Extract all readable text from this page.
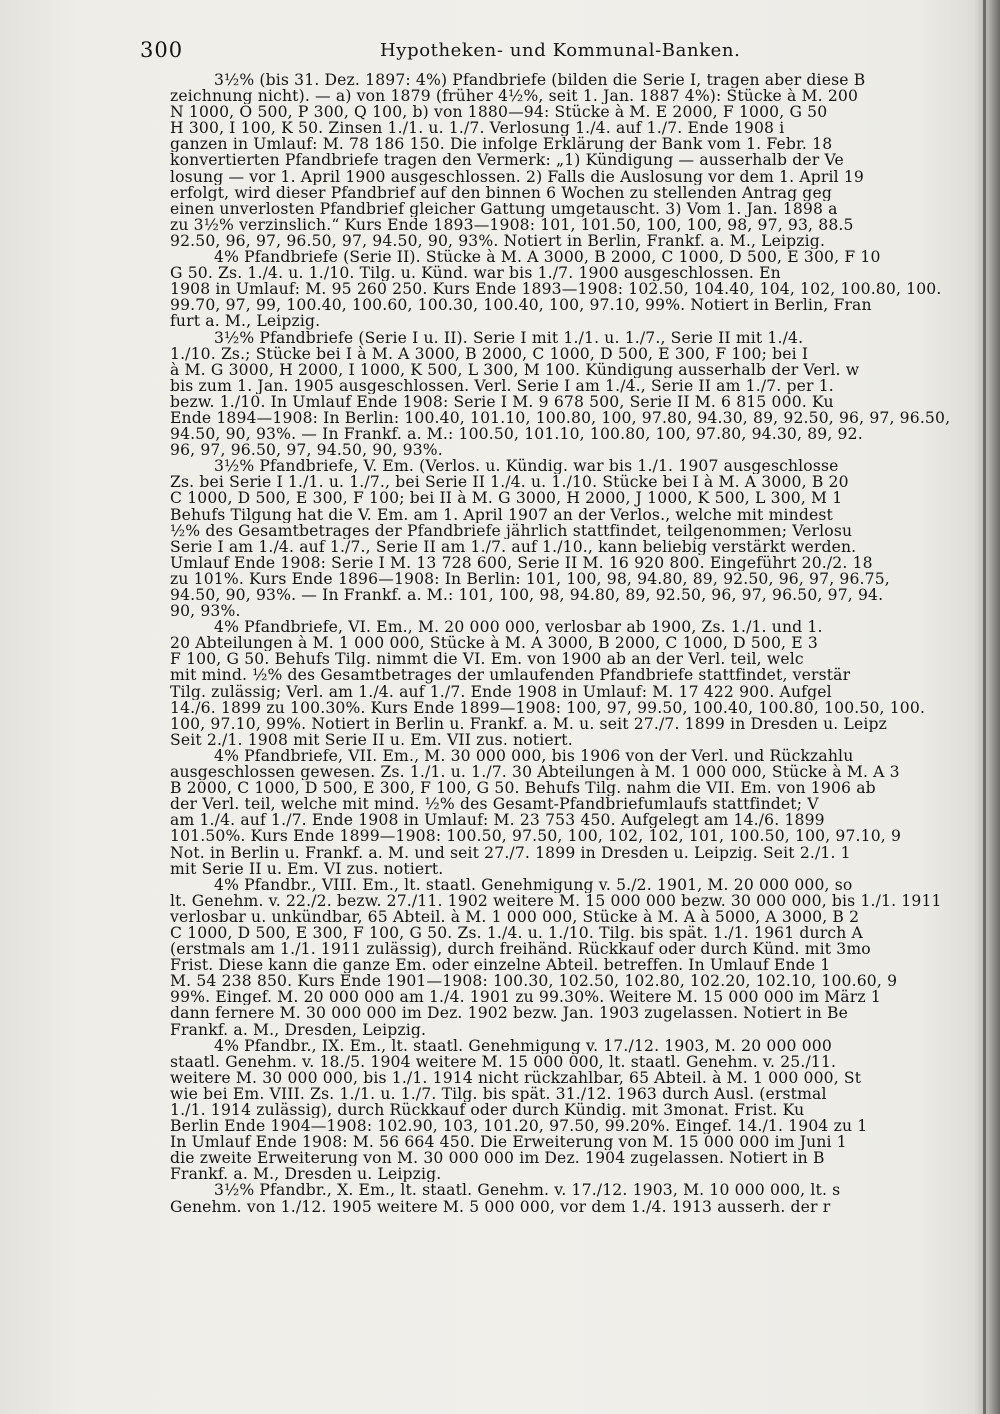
300	Hypotheken- und Kommunal-Banken.
3½% (bis 31. Dez. 1897: 4%) Pfandbriefe (bilden die Serie I, tragen aber diese B
zeichnung nicht). — a) von 1879 (früher 4½%, seit 1. Jan. 1887 4%): Stücke à M. 200
N 1000, O 500, P 300, Q 100, b) von 1880—94: Stücke à M. E 2000, F 1000, G 50
H 300, I 100, K 50. Zinsen 1./1. u. 1./7. Verlosung 1./4. auf 1./7. Ende 1908 i
ganzen in Umlauf: M. 78 186 150. Die infolge Erklärung der Bank vom 1. Febr. 18
konvertierten Pfandbriefe tragen den Vermerk: „1) Kündigung — ausserhalb der Ve
losung — vor 1. April 1900 ausgeschlossen. 2) Falls die Auslosung vor dem 1. April 19
erfolgt, wird dieser Pfandbrief auf den binnen 6 Wochen zu stellenden Antrag geg
einen unverlosten Pfandbrief gleicher Gattung umgetauscht. 3) Vom 1. Jan. 1898 a
zu 3½% verzinslich.“ Kurs Ende 1893—1908: 101, 101.50, 100, 100, 98, 97, 93, 88.5
92.50, 96, 97, 96.50, 97, 94.50, 90, 93%. Notiert in Berlin, Frankf. a. M., Leipzig.
4% Pfandbriefe (Serie II). Stücke à M. A 3000, B 2000, C 1000, D 500, E 300, F 10
G 50. Zs. 1./4. u. 1./10. Tilg. u. Künd. war bis 1./7. 1900 ausgeschlossen. En
1908 in Umlauf: M. 95 260 250. Kurs Ende 1893—1908: 102.50, 104.40, 104, 102, 100.80, 100.
99.70, 97, 99, 100.40, 100.60, 100.30, 100.40, 100, 97.10, 99%. Notiert in Berlin, Fran
furt a. M., Leipzig.
3½% Pfandbriefe (Serie I u. II). Serie I mit 1./1. u. 1./7., Serie II mit 1./4.
1./10. Zs.; Stücke bei I à M. A 3000, B 2000, C 1000, D 500, E 300, F 100; bei I
à M. G 3000, H 2000, I 1000, K 500, L 300, M 100. Kündigung ausserhalb der Verl. w
bis zum 1. Jan. 1905 ausgeschlossen. Verl. Serie I am 1./4., Serie II am 1./7. per 1.
bezw. 1./10. In Umlauf Ende 1908: Serie I M. 9 678 500, Serie II M. 6 815 000. Ku
Ende 1894—1908: In Berlin: 100.40, 101.10, 100.80, 100, 97.80, 94.30, 89, 92.50, 96, 97, 96.50,
94.50, 90, 93%. — In Frankf. a. M.: 100.50, 101.10, 100.80, 100, 97.80, 94.30, 89, 92.
96, 97, 96.50, 97, 94.50, 90, 93%.
3½% Pfandbriefe, V. Em. (Verlos. u. Kündig. war bis 1./1. 1907 ausgeschlosse
Zs. bei Serie I 1./1. u. 1./7., bei Serie II 1./4. u. 1./10. Stücke bei I à M. A 3000, B 20
C 1000, D 500, E 300, F 100; bei II à M. G 3000, H 2000, J 1000, K 500, L 300, M 1
Behufs Tilgung hat die V. Em. am 1. April 1907 an der Verlos., welche mit mindest
½% des Gesamtbetrages der Pfandbriefe jährlich stattfindet, teilgenommen; Verlosu
Serie I am 1./4. auf 1./7., Serie II am 1./7. auf 1./10., kann beliebig verstärkt werden.
Umlauf Ende 1908: Serie I M. 13 728 600, Serie II M. 16 920 800. Eingeführt 20./2. 18
zu 101%. Kurs Ende 1896—1908: In Berlin: 101, 100, 98, 94.80, 89, 92.50, 96, 97, 96.75,
94.50, 90, 93%. — In Frankf. a. M.: 101, 100, 98, 94.80, 89, 92.50, 96, 97, 96.50, 97, 94.
90, 93%.
4% Pfandbriefe, VI. Em., M. 20 000 000, verlosbar ab 1900, Zs. 1./1. und 1.
20 Abteilungen à M. 1 000 000, Stücke à M. A 3000, B 2000, C 1000, D 500, E 3
F 100, G 50. Behufs Tilg. nimmt die VI. Em. von 1900 ab an der Verl. teil, welc
mit mind. ½% des Gesamtbetrages der umlaufenden Pfandbriefe stattfindet, verstär
Tilg. zulässig; Verl. am 1./4. auf 1./7. Ende 1908 in Umlauf: M. 17 422 900. Aufgel
14./6. 1899 zu 100.30%. Kurs Ende 1899—1908: 100, 97, 99.50, 100.40, 100.80, 100.50, 100.
100, 97.10, 99%. Notiert in Berlin u. Frankf. a. M. u. seit 27./7. 1899 in Dresden u. Leipz
Seit 2./1. 1908 mit Serie II u. Em. VII zus. notiert.
4% Pfandbriefe, VII. Em., M. 30 000 000, bis 1906 von der Verl. und Rückzahlu
ausgeschlossen gewesen. Zs. 1./1. u. 1./7. 30 Abteilungen à M. 1 000 000, Stücke à M. A 3
B 2000, C 1000, D 500, E 300, F 100, G 50. Behufs Tilg. nahm die VII. Em. von 1906 ab
der Verl. teil, welche mit mind. ½% des Gesamt-Pfandbriefumlaufs stattfindet; V
am 1./4. auf 1./7. Ende 1908 in Umlauf: M. 23 753 450. Aufgelegt am 14./6. 1899
101.50%. Kurs Ende 1899—1908: 100.50, 97.50, 100, 102, 102, 101, 100.50, 100, 97.10, 9
Not. in Berlin u. Frankf. a. M. und seit 27./7. 1899 in Dresden u. Leipzig. Seit 2./1. 1
mit Serie II u. Em. VI zus. notiert.
4% Pfandbr., VIII. Em., lt. staatl. Genehmigung v. 5./2. 1901, M. 20 000 000, so
lt. Genehm. v. 22./2. bezw. 27./11. 1902 weitere M. 15 000 000 bezw. 30 000 000, bis 1./1. 1911
verlosbar u. unkündbar, 65 Abteil. à M. 1 000 000, Stücke à M. A à 5000, A 3000, B 2
C 1000, D 500, E 300, F 100, G 50. Zs. 1./4. u. 1./10. Tilg. bis spät. 1./1. 1961 durch A
(erstmals am 1./1. 1911 zulässig), durch freihänd. Rückkauf oder durch Künd. mit 3mo
Frist. Diese kann die ganze Em. oder einzelne Abteil. betreffen. In Umlauf Ende 1
M. 54 238 850. Kurs Ende 1901—1908: 100.30, 102.50, 102.80, 102.20, 102.10, 100.60, 9
99%. Eingef. M. 20 000 000 am 1./4. 1901 zu 99.30%. Weitere M. 15 000 000 im März 1
dann fernere M. 30 000 000 im Dez. 1902 bezw. Jan. 1903 zugelassen. Notiert in Be
Frankf. a. M., Dresden, Leipzig.
4% Pfandbr., IX. Em., lt. staatl. Genehmigung v. 17./12. 1903, M. 20 000 000
staatl. Genehm. v. 18./5. 1904 weitere M. 15 000 000, lt. staatl. Genehm. v. 25./11.
weitere M. 30 000 000, bis 1./1. 1914 nicht rückzahlbar, 65 Abteil. à M. 1 000 000, St
wie bei Em. VIII. Zs. 1./1. u. 1./7. Tilg. bis spät. 31./12. 1963 durch Ausl. (erstmal
1./1. 1914 zulässig), durch Rückkauf oder durch Kündig. mit 3monat. Frist. Ku
Berlin Ende 1904—1908: 102.90, 103, 101.20, 97.50, 99.20%. Eingef. 14./1. 1904 zu 1
In Umlauf Ende 1908: M. 56 664 450. Die Erweiterung von M. 15 000 000 im Juni 1
die zweite Erweiterung von M. 30 000 000 im Dez. 1904 zugelassen. Notiert in B
Frankf. a. M., Dresden u. Leipzig.
3½% Pfandbr., X. Em., lt. staatl. Genehm. v. 17./12. 1903, M. 10 000 000, lt. s
Genehm. von 1./12. 1905 weitere M. 5 000 000, vor dem 1./4. 1913 ausserh. der r
